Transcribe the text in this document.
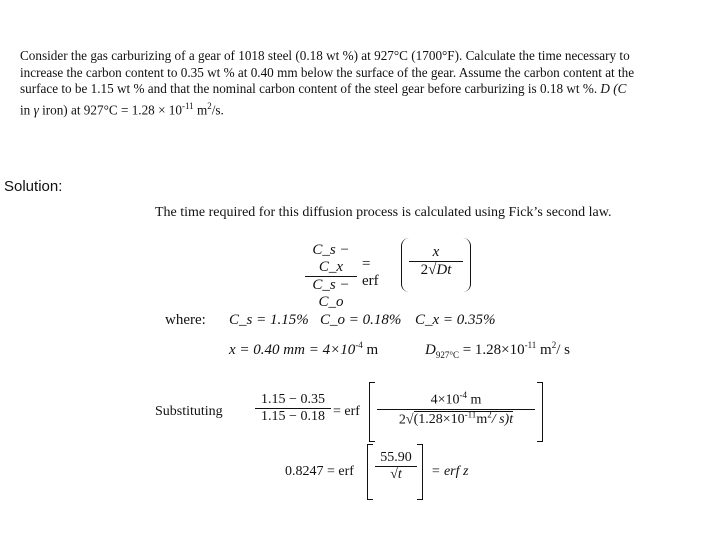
Consider the gas carburizing of a gear of 1018 steel (0.18 wt %) at 927°C (1700°F). Calculate the time necessary to

increase the carbon content to 0.35 wt % at 0.40 mm below the surface of the gear. Assume the carbon content at the

surface to be 1.15 wt % and that the nominal carbon content of the steel gear before carburizing is 0.18 wt %. D (C

in γ iron) at $927^\circ C = 1.28 \times 10^{-11}$ $m^2/s$.

Solution:
The time required for this diffusion process is calculated using Fick’s second law.
$\frac{C\_s - C\_x}{C\_s - C\_o}$ = erf
$\frac{x}{2√Dt}$
where: C_s = 1.15% C_o = 0.18% C_x = 0.35%
x = 0.40 mm = $4\times 10^{-4}$ m	$D_{927^\circ C} = 1.28\times 10^{-11}$ $m^2/$ s
Substituting $\frac{1.15 - 0.35}{1.15 - 0.18}$ = erf $\frac{4\times 10^{-4} m}{2√(1.28\times 10^{-11}m^2/ s)t}$
0.8247 = erf $\frac{55.90}{√t}$ = erf z
